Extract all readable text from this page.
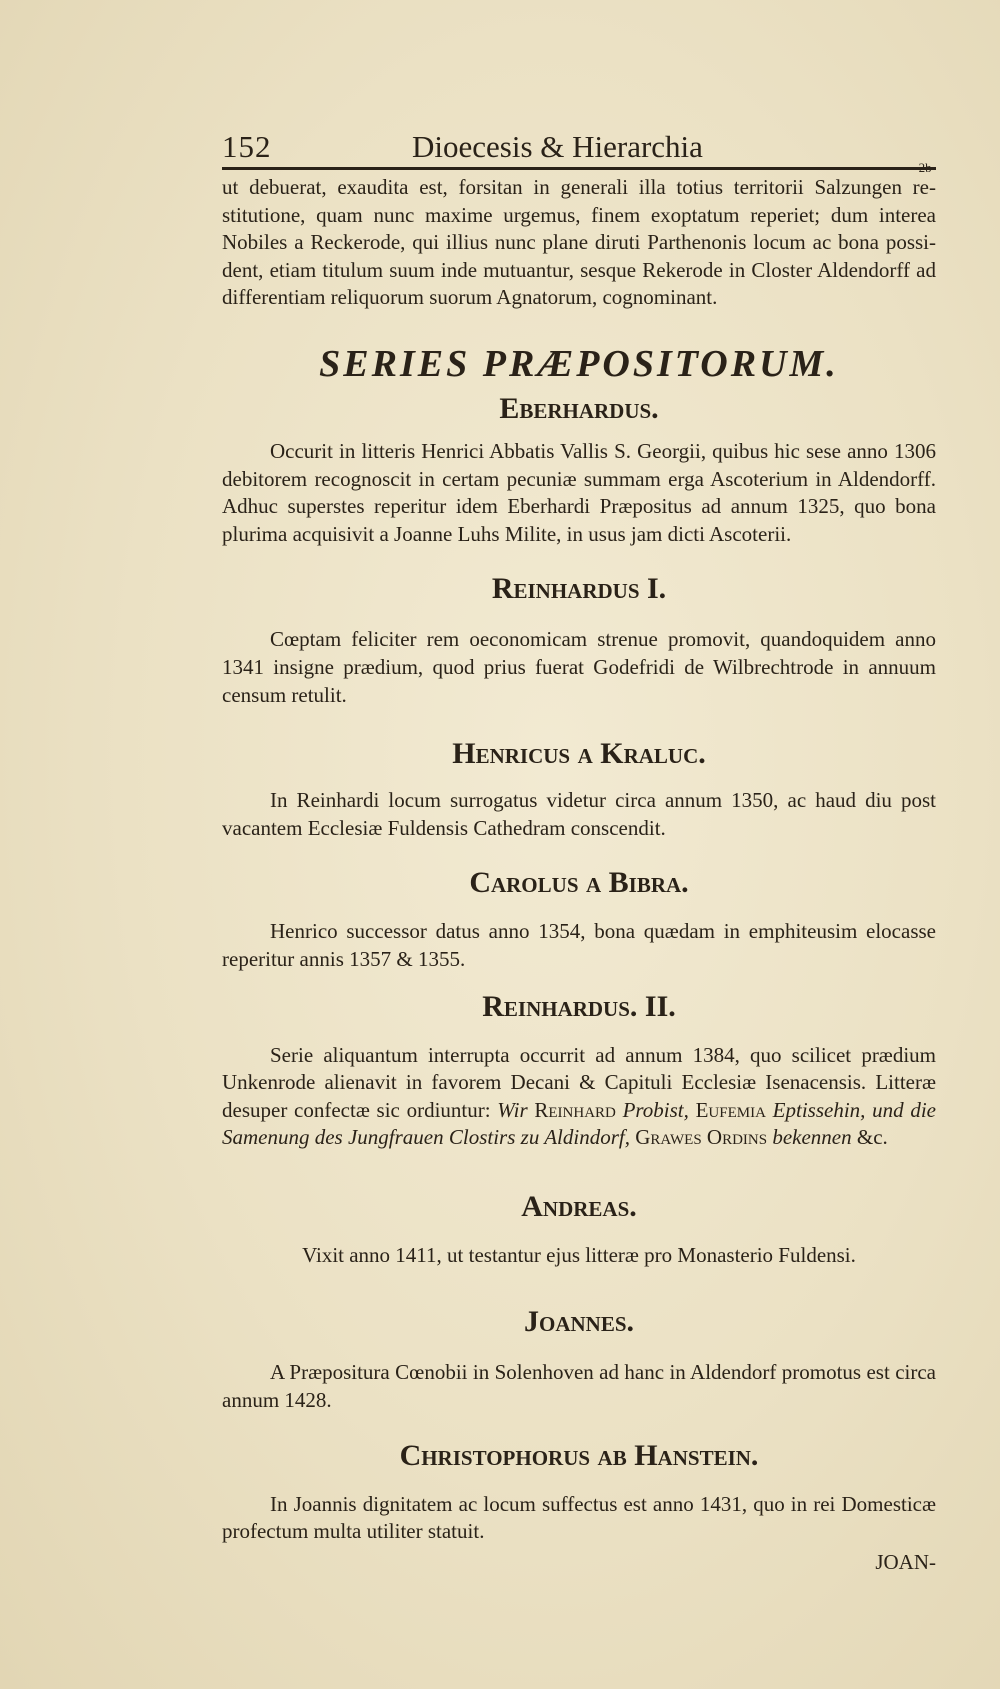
152	Dioecesis & Hierarchia
-2b-

ut debuerat, exaudita est, forsitan in generali illa totius territorii Salzungen re- stitutione, quam nunc maxime urgemus, finem exoptatum reperiet; dum interea Nobiles a Reckerode, qui illius nunc plane diruti Parthenonis locum ac bona possi- dent, etiam titulum suum inde mutuantur, sesque Rekerode in Closter Aldendorff ad differentiam reliquorum suorum Agnatorum, cognominant.

SERIES PRÆPOSITORUM.
Eberhardus.

Occurit in litteris Henrici Abbatis Vallis S. Georgii, quibus hic sese anno 1306 debitorem recognoscit in certam pecuniæ summam erga Ascoterium in Aldendorff. Adhuc superstes reperitur idem Eberhardi Præpositus ad annum 1325, quo bona plurima acquisivit a Joanne Luhs Milite, in usus jam dicti Ascoterii.

Reinhardus I.

Cœptam feliciter rem oeconomicam strenue promovit, quandoquidem anno 1341 insigne prædium, quod prius fuerat Godefridi de Wilbrechtrode in annuum censum retulit.

Henricus a Kraluc.

In Reinhardi locum surrogatus videtur circa annum 1350, ac haud diu post vacantem Ecclesiæ Fuldensis Cathedram conscendit.

Carolus a Bibra.

Henrico successor datus anno 1354, bona quædam in emphiteusim elocasse reperitur annis 1357 & 1355.

Reinhardus. II.

Serie aliquantum interrupta occurrit ad annum 1384, quo scilicet prædium Unkenrode alienavit in favorem Decani & Capituli Ecclesiæ Isenacensis. Litteræ desuper confectæ sic ordiuntur: Wir Reinhard Probist, Eufemia Eptissehin, und die Samenung des Jungfrauen Clostirs zu Aldindorf, Grawes Ordins bekennen &c.

Andreas.

Vixit anno 1411, ut testantur ejus litteræ pro Monasterio Fuldensi.

Joannes.

A Præpositura Cœnobii in Solenhoven ad hanc in Aldendorf promotus est circa annum 1428.

Christophorus ab Hanstein.

In Joannis dignitatem ac locum suffectus est anno 1431, quo in rei Domesticæ profectum multa utiliter statuit.

JOAN-
